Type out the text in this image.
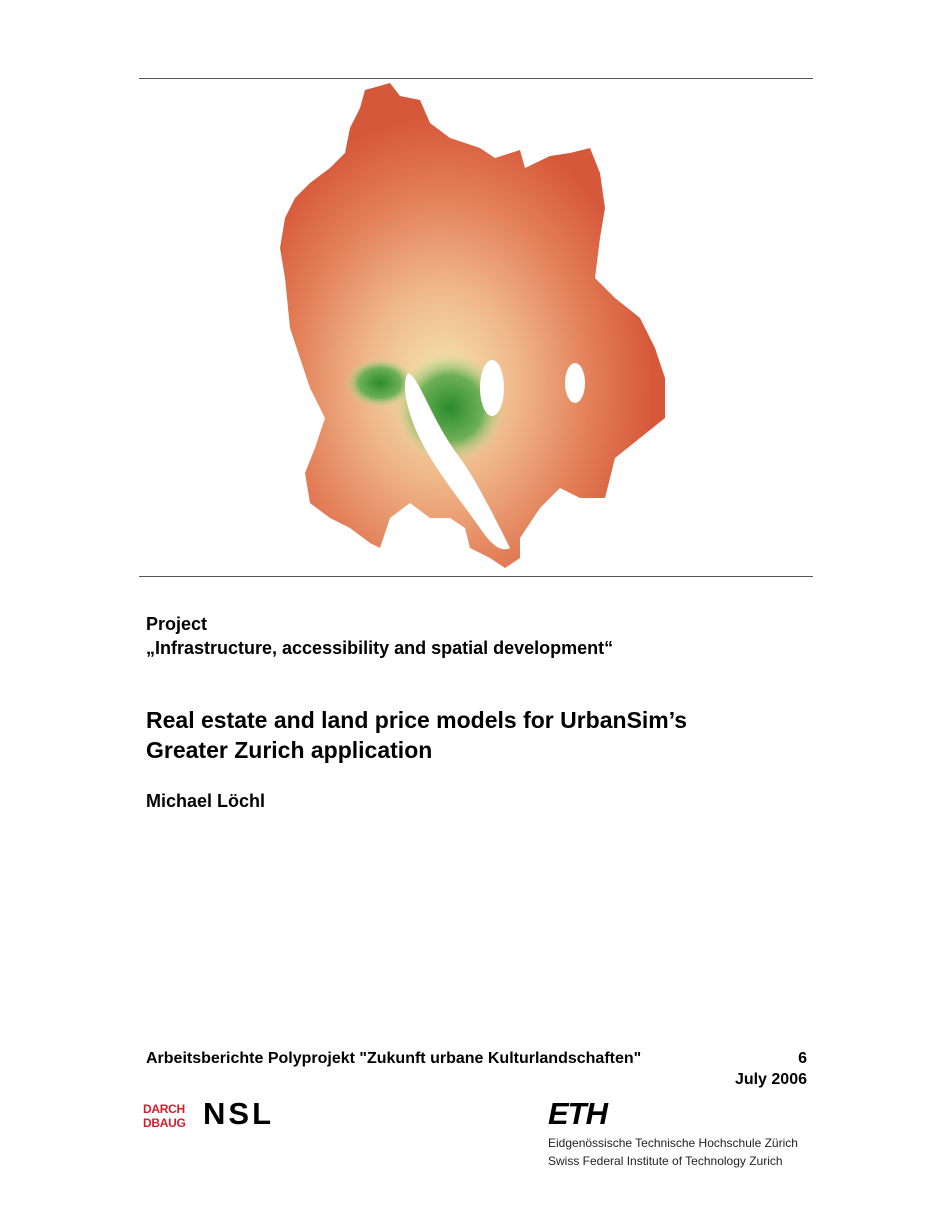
Project
„Infrastructure, accessibility and spatial development“
Real estate and land price models for UrbanSim’s
Greater Zurich application
Michael Löchl
Arbeitsberichte Polyprojekt "Zukunft urbane Kulturlandschaften"	6
July 2006
DARCH
DBAUG NSL	ETH
Eidgenössische Technische Hochschule Zürich
Swiss Federal Institute of Technology Zurich
